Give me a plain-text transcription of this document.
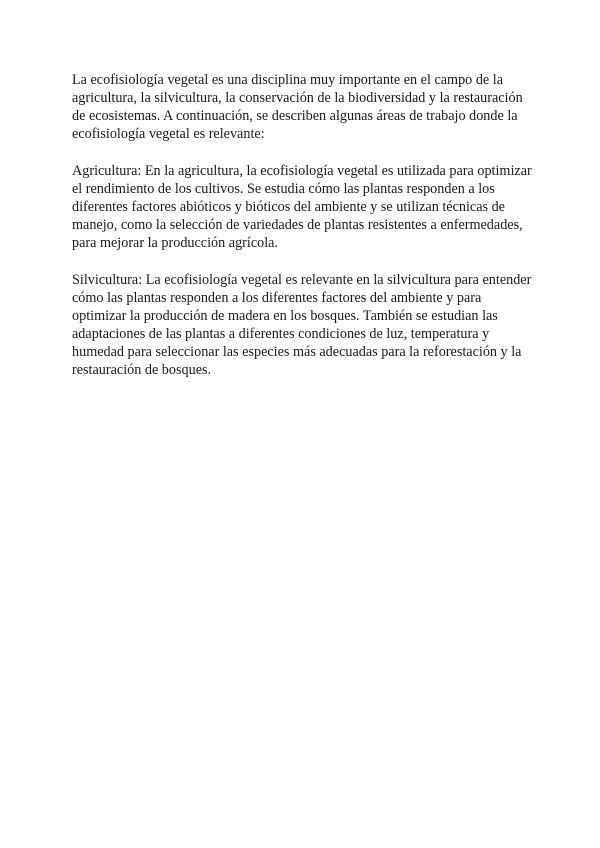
La ecofisiología vegetal es una disciplina muy importante en el campo de la agricultura, la silvicultura, la conservación de la biodiversidad y la restauración de ecosistemas. A continuación, se describen algunas áreas de trabajo donde la ecofisiología vegetal es relevante:

Agricultura: En la agricultura, la ecofisiología vegetal es utilizada para optimizar el rendimiento de los cultivos. Se estudia cómo las plantas responden a los diferentes factores abióticos y bióticos del ambiente y se utilizan técnicas de manejo, como la selección de variedades de plantas resistentes a enfermedades, para mejorar la producción agrícola.

Silvicultura: La ecofisiología vegetal es relevante en la silvicultura para entender cómo las plantas responden a los diferentes factores del ambiente y para optimizar la producción de madera en los bosques. También se estudian las adaptaciones de las plantas a diferentes condiciones de luz, temperatura y humedad para seleccionar las especies más adecuadas para la reforestación y la restauración de bosques.
